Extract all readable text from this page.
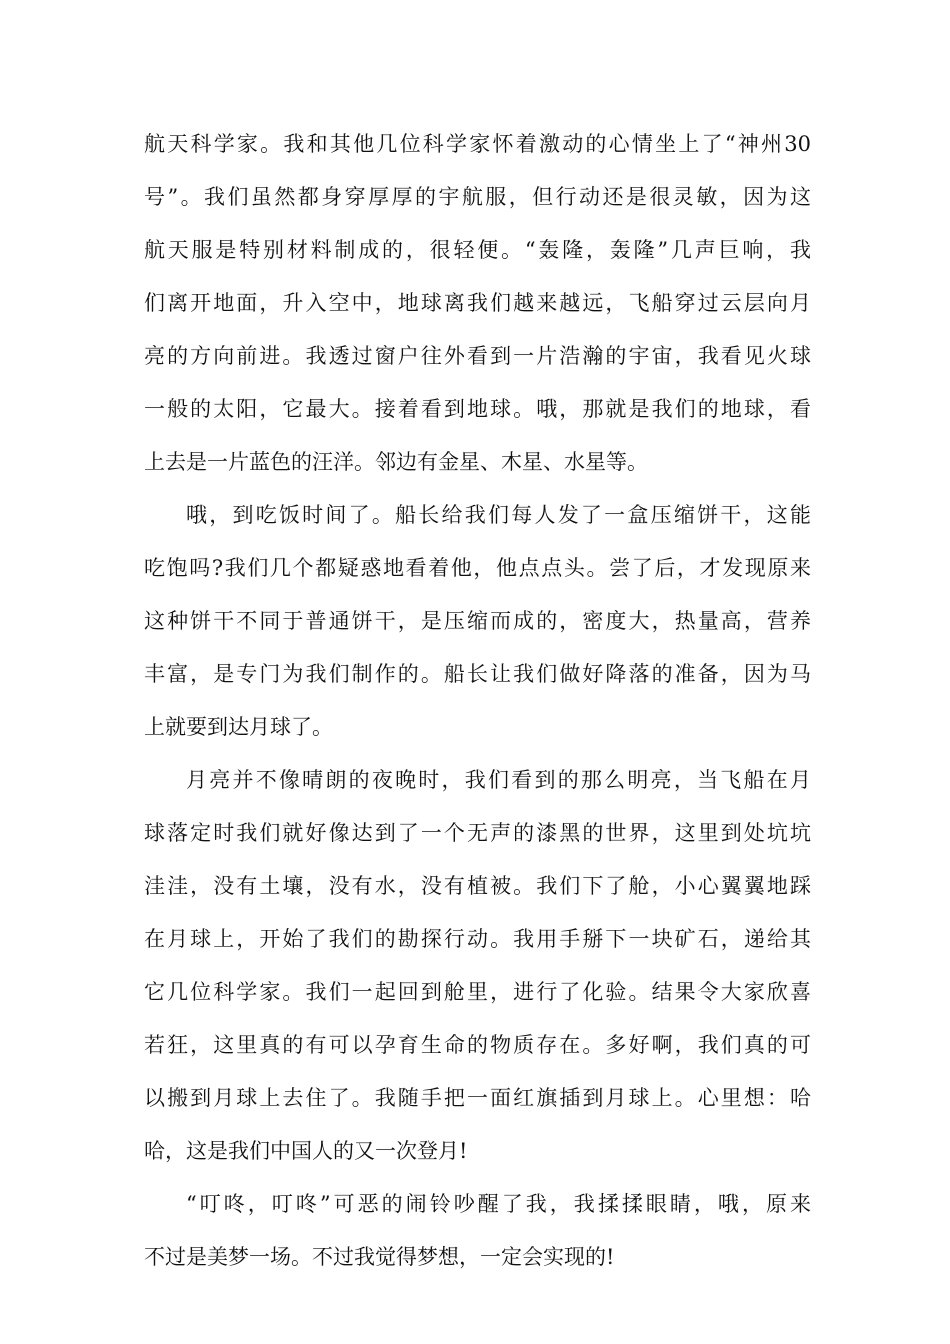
航天科学家。我和其他几位科学家怀着激动的心情坐上了“神州30
号”。我们虽然都身穿厚厚的宇航服，但行动还是很灵敏，因为这
航天服是特别材料制成的，很轻便。“轰隆，轰隆”几声巨响，我
们离开地面，升入空中，地球离我们越来越远，飞船穿过云层向月
亮的方向前进。我透过窗户往外看到一片浩瀚的宇宙，我看见火球
一般的太阳，它最大。接着看到地球。哦，那就是我们的地球，看
上去是一片蓝色的汪洋。邻边有金星、木星、水星等。
哦，到吃饭时间了。船长给我们每人发了一盒压缩饼干，这能
吃饱吗?我们几个都疑惑地看着他，他点点头。尝了后，才发现原来
这种饼干不同于普通饼干，是压缩而成的，密度大，热量高，营养
丰富，是专门为我们制作的。船长让我们做好降落的准备，因为马
上就要到达月球了。
月亮并不像晴朗的夜晚时，我们看到的那么明亮，当飞船在月
球落定时我们就好像达到了一个无声的漆黑的世界，这里到处坑坑
洼洼，没有土壤，没有水，没有植被。我们下了舱，小心翼翼地踩
在月球上，开始了我们的勘探行动。我用手掰下一块矿石，递给其
它几位科学家。我们一起回到舱里，进行了化验。结果令大家欣喜
若狂，这里真的有可以孕育生命的物质存在。多好啊，我们真的可
以搬到月球上去住了。我随手把一面红旗插到月球上。心里想：哈
哈，这是我们中国人的又一次登月!
“叮咚，叮咚”可恶的闹铃吵醒了我，我揉揉眼睛，哦，原来
不过是美梦一场。不过我觉得梦想，一定会实现的!
